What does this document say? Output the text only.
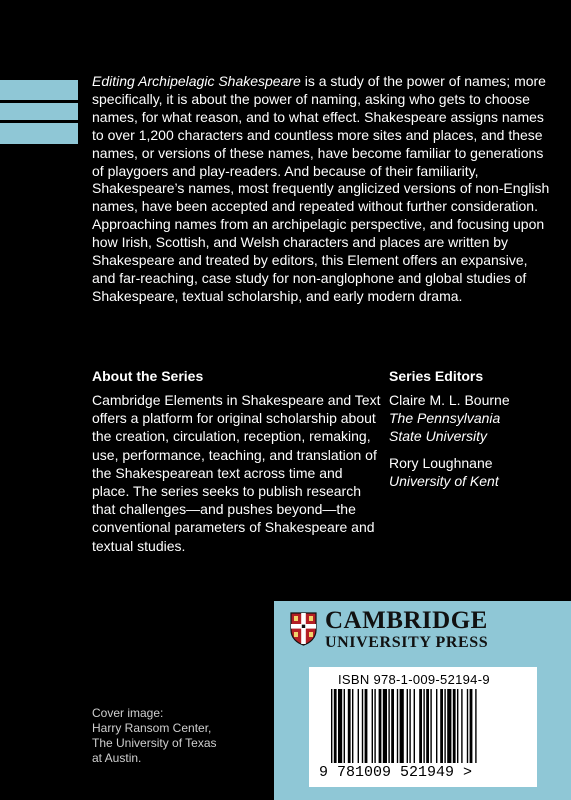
Editing Archipelagic Shakespeare is a study of the power of names; more specifically, it is about the power of naming, asking who gets to choose names, for what reason, and to what effect. Shakespeare assigns names to over 1,200 characters and countless more sites and places, and these names, or versions of these names, have become familiar to generations of playgoers and play-readers. And because of their familiarity, Shakespeare’s names, most frequently anglicized versions of non-English names, have been accepted and repeated without further consideration. Approaching names from an archipelagic perspective, and focusing upon how Irish, Scottish, and Welsh characters and places are written by Shakespeare and treated by editors, this Element offers an expansive, and far-reaching, case study for non-anglophone and global studies of Shakespeare, textual scholarship, and early modern drama.

About the Series

Cambridge Elements in Shakespeare and Text offers a platform for original scholarship about the creation, circulation, reception, remaking, use, performance, teaching, and translation of the Shakespearean text across time and place. The series seeks to publish research that challenges—and pushes beyond—the conventional parameters of Shakespeare and textual studies.

Series Editors
Claire M. L. Bourne
The Pennsylvania
State University
Rory Loughnane
University of Kent
Cover image:
Harry Ransom Center,
The University of Texas
at Austin.
CAMBRIDGE
UNIVERSITY PRESS
ISBN 978-1-009-52194-9
9 781009 521949 >
